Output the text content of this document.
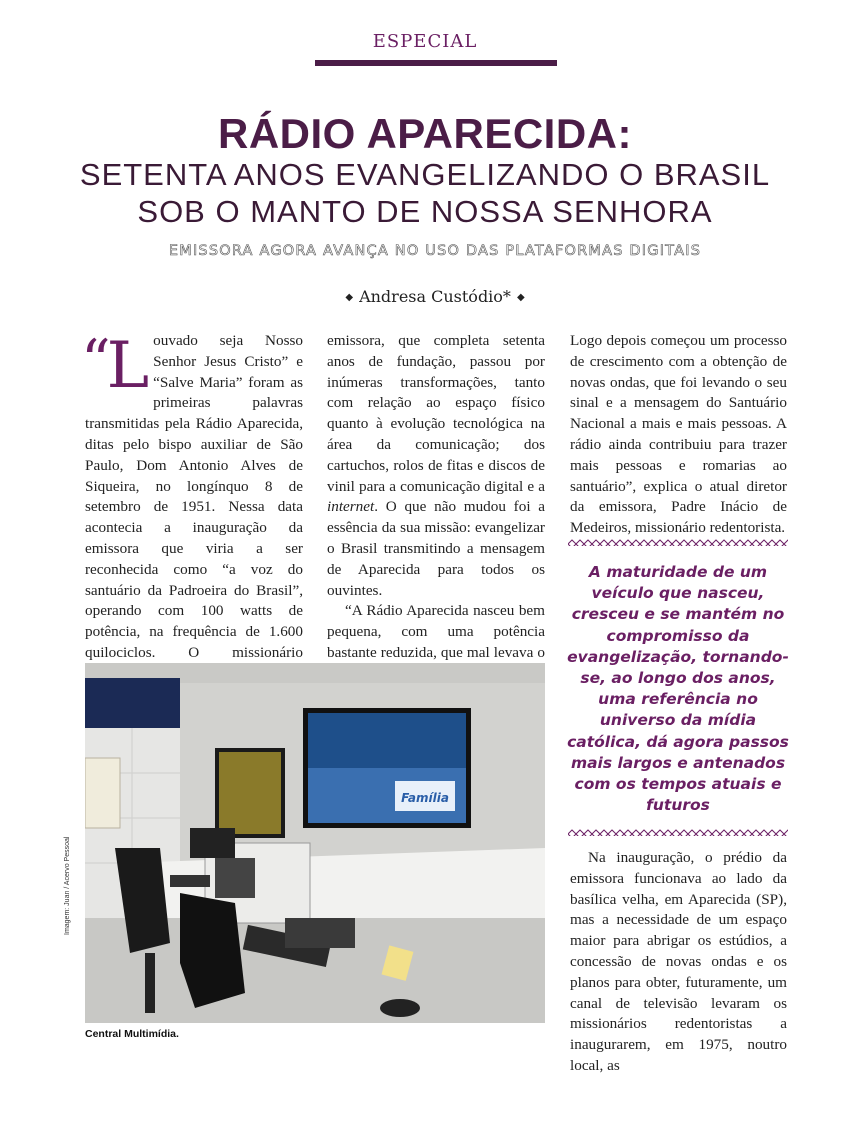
ESPECIAL
RÁDIO APARECIDA:
SETENTA ANOS EVANGELIZANDO O BRASIL
SOB O MANTO DE NOSSA SENHORA
EMISSORA AGORA AVANÇA NO USO DAS PLATAFORMAS DIGITAIS
◆ Andresa Custódio* ◆

“L ouvado seja Nosso Senhor Jesus Cristo” e “Salve Maria” foram as primeiras palavras transmitidas pela Rádio Aparecida, ditas pelo bispo auxiliar de São Paulo, Dom Antonio Alves de Siqueira, no longínquo 8 de setembro de 1951. Nessa data acontecia a inauguração da emissora que viria a ser reconhecida como “a voz do santuário da Padroeira do Brasil”, operando com 100 watts de potência, na frequência de 1.600 quilociclos. O missionário

emissora, que completa setenta anos de fundação, passou por inúmeras transformações, tanto com relação ao espaço físico quanto à evolução tecnológica na área da comunicação; dos cartuchos, rolos de fitas e discos de vinil para a comunicação digital e a internet. O que não mudou foi a essência da sua missão: evangelizar o Brasil transmitindo a mensagem de Aparecida para todos os ouvintes.

“A Rádio Aparecida nasceu bem pequena, com uma potência bastante reduzida, que mal levava o

Logo depois começou um processo de crescimento com a obtenção de novas ondas, que foi levando o seu sinal e a mensagem do Santuário Nacional a mais e mais pessoas. A rádio ainda contribuiu para trazer mais pessoas e romarias ao santuário”, explica o atual diretor da emissora, Padre Inácio de Medeiros, missionário redentorista.

A maturidade de um veículo que nasceu, cresceu e se mantém no compromisso da evangelização, tornando-se, ao longo dos anos, uma referência no universo da mídia católica, dá agora passos mais largos e antenados com os tempos atuais e futuros

Na inauguração, o prédio da emissora funcionava ao lado da basílica velha, em Aparecida (SP), mas a necessidade de um espaço maior para abrigar os estúdios, a concessão de novas ondas e os planos para obter, futuramente, um canal de televisão levaram os missionários redentoristas a inaugurarem, em 1975, noutro local, as

Família
Imagem: Juan / Acervo Pessoal
Central Multimídia.
